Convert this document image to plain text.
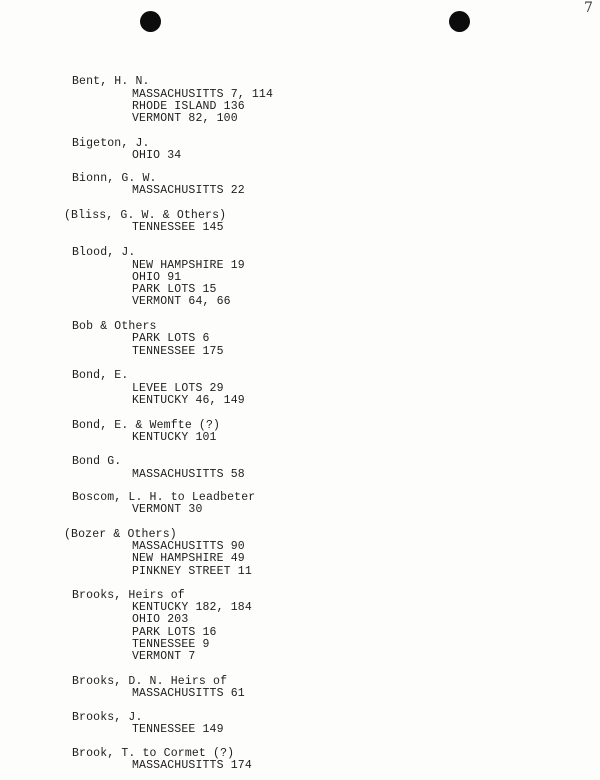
7
Bent, H. N.
MASSACHUSITTS 7, 114
RHODE ISLAND 136
VERMONT 82, 100
Bigeton, J.
OHIO 34
Bionn, G. W.
MASSACHUSITTS 22
(Bliss, G. W. & Others)
TENNESSEE 145
Blood, J.
NEW HAMPSHIRE 19
OHIO 91
PARK LOTS 15
VERMONT 64, 66
Bob & Others
PARK LOTS 6
TENNESSEE 175
Bond, E.
LEVEE LOTS 29
KENTUCKY 46, 149
Bond, E. & Wemfte (?)
KENTUCKY 101
Bond G.
MASSACHUSITTS 58
Boscom, L. H. to Leadbeter
VERMONT 30
(Bozer & Others)
MASSACHUSITTS 90
NEW HAMPSHIRE 49
PINKNEY STREET 11
Brooks, Heirs of
KENTUCKY 182, 184
OHIO 203
PARK LOTS 16
TENNESSEE 9
VERMONT 7
Brooks, D. N. Heirs of
MASSACHUSITTS 61
Brooks, J.
TENNESSEE 149
Brook, T. to Cormet (?)
MASSACHUSITTS 174
